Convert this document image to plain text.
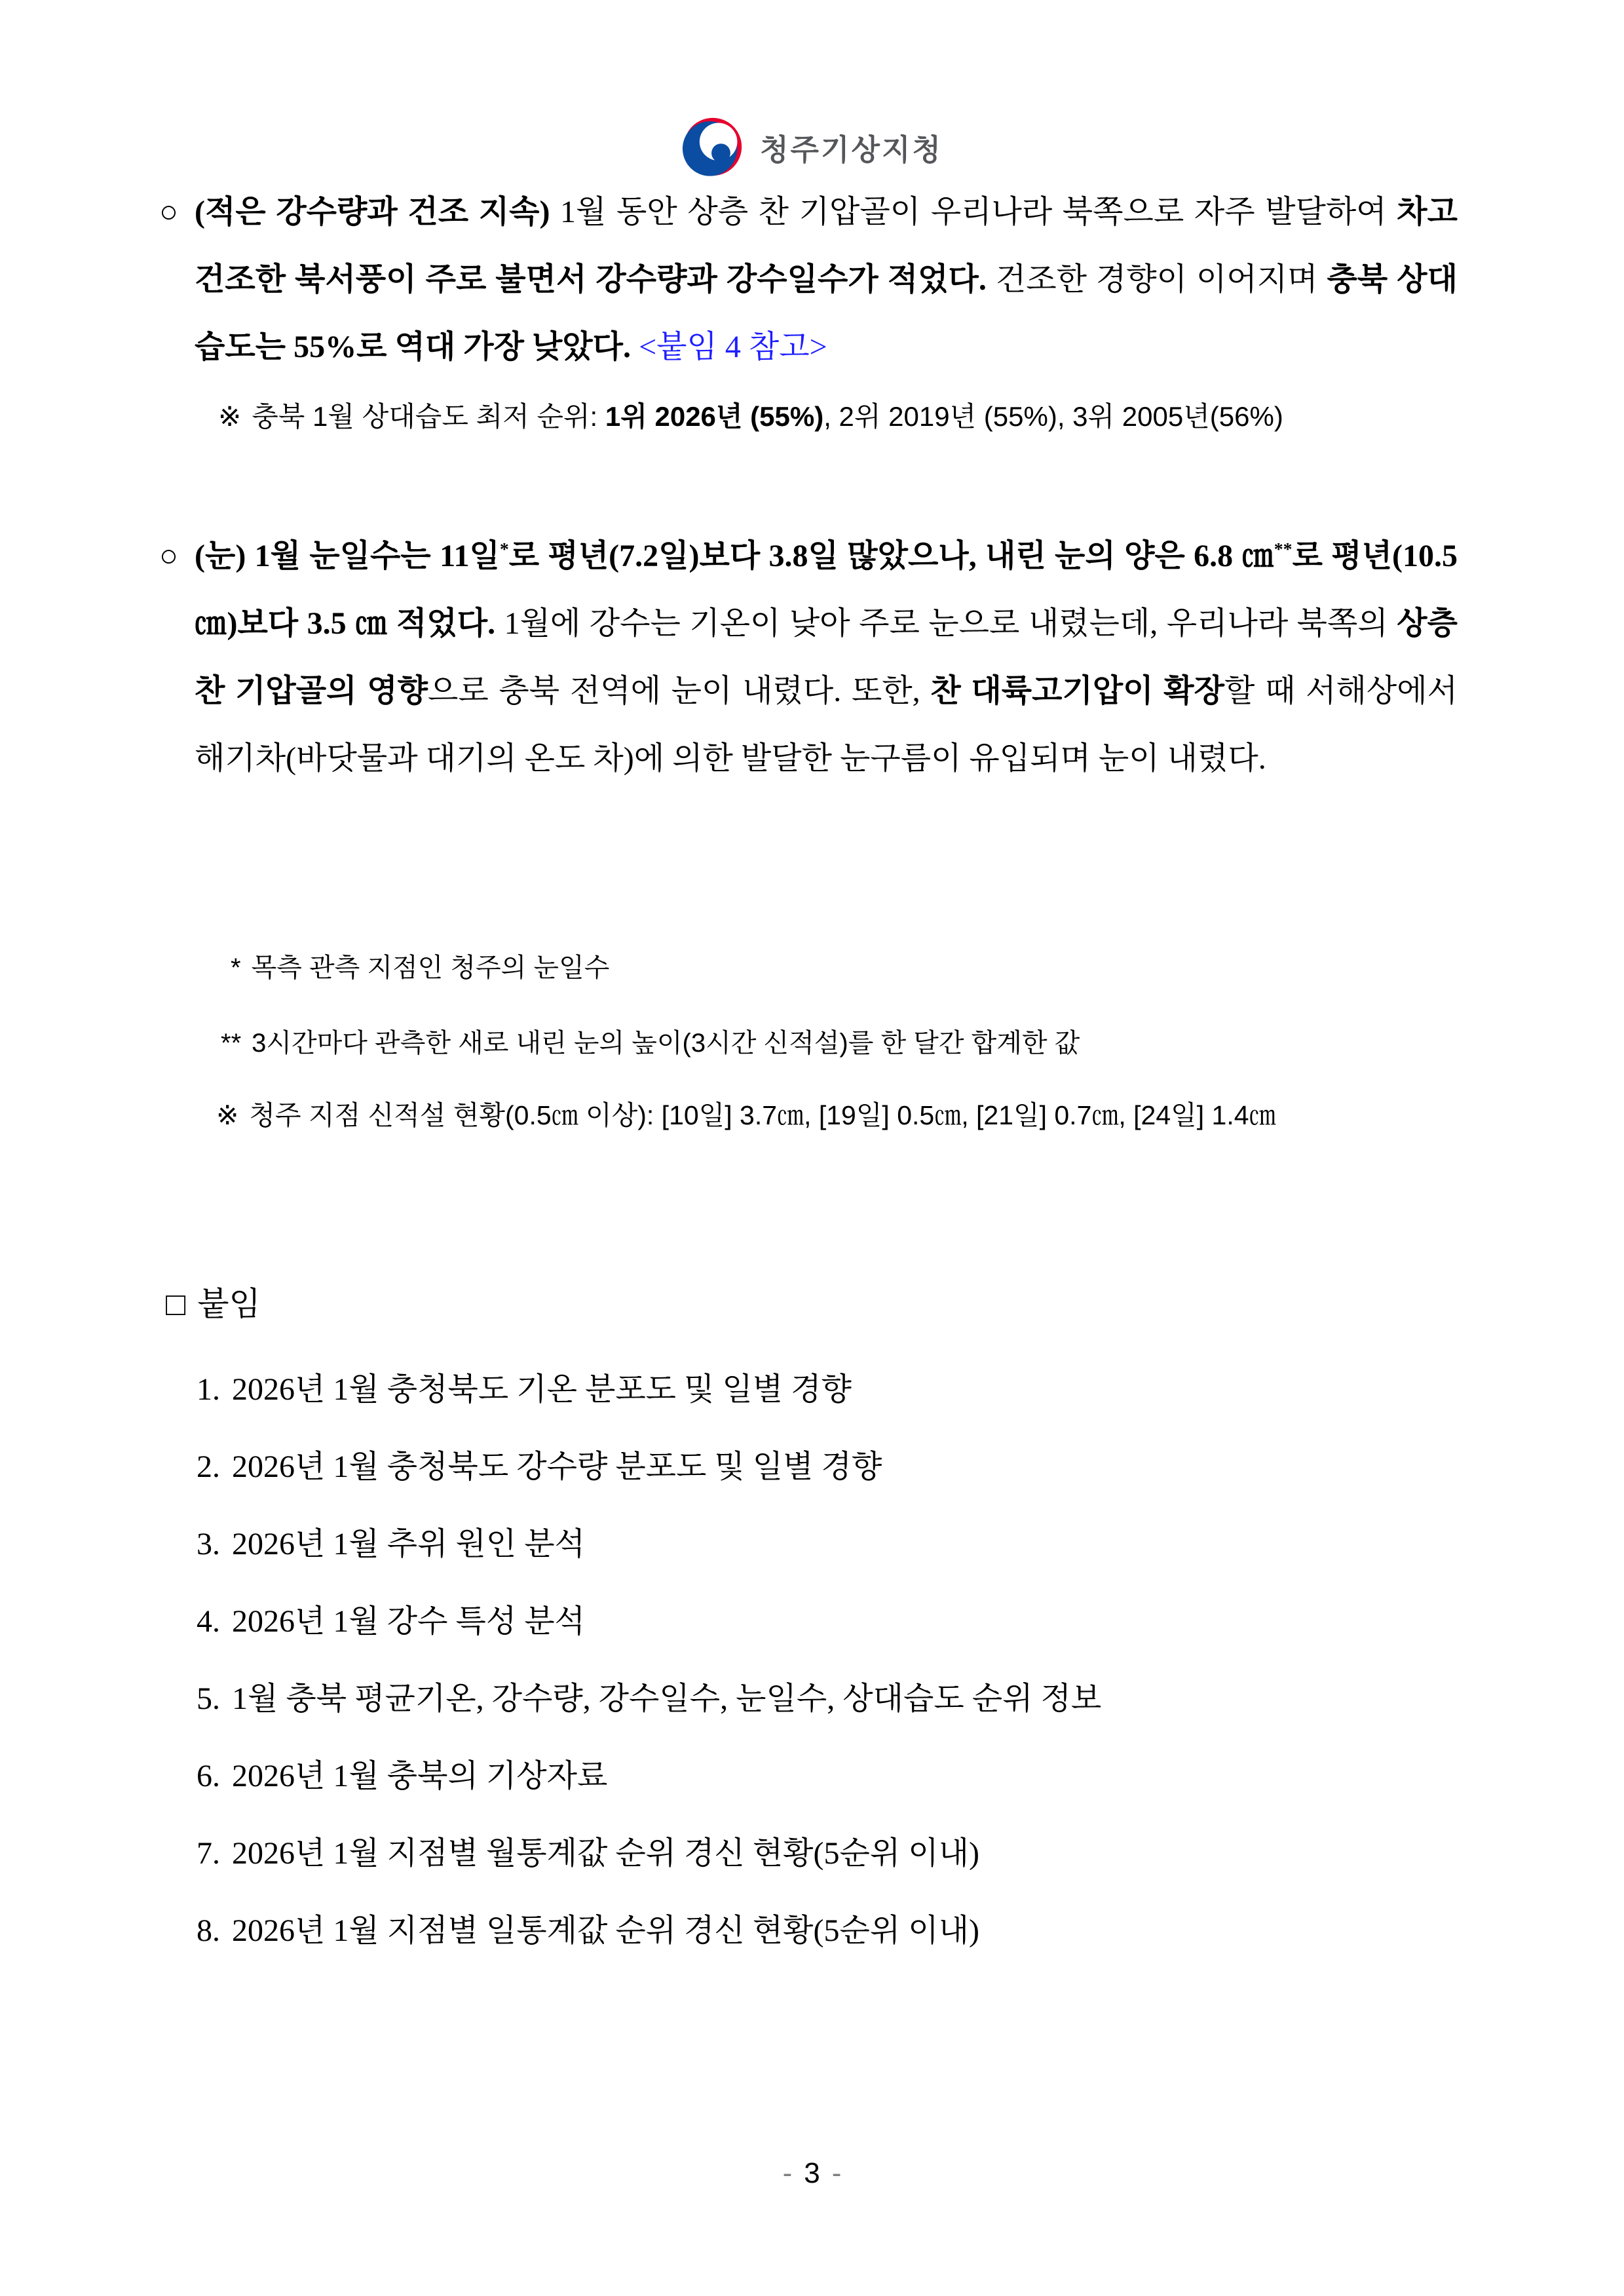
청주기상지청
○ (적은 강수량과 건조 지속) 1월 동안 상층 찬 기압골이 우리나라 북쪽으로 자주 발달하여 차고 건조한 북서풍이 주로 불면서 강수량과 강수일수가 적었다. 건조한 경향이 이어지며 충북 상대습도는 55%로 역대 가장 낮았다. <붙임 4 참고>
※ 충북 1월 상대습도 최저 순위: 1위 2026년 (55%), 2위 2019년 (55%), 3위 2005년(56%)
○ (눈) 1월 눈일수는 11일*로 평년(7.2일)보다 3.8일 많았으나, 내린 눈의 양은 6.8 ㎝**로 평년(10.5 ㎝)보다 3.5 ㎝ 적었다. 1월에 강수는 기온이 낮아 주로 눈으로 내렸는데, 우리나라 북쪽의 상층 찬 기압골의 영향으로 충북 전역에 눈이 내렸다. 또한, 찬 대륙고기압이 확장할 때 서해상에서 해기차(바닷물과 대기의 온도 차)에 의한 발달한 눈구름이 유입되며 눈이 내렸다.
* 목측 관측 지점인 청주의 눈일수
** 3시간마다 관측한 새로 내린 눈의 높이(3시간 신적설)를 한 달간 합계한 값
※ 청주 지점 신적설 현황(0.5㎝ 이상): [10일] 3.7㎝, [19일] 0.5㎝, [21일] 0.7㎝, [24일] 1.4㎝
□ 붙임
1. 2026년 1월 충청북도 기온 분포도 및 일별 경향
2. 2026년 1월 충청북도 강수량 분포도 및 일별 경향
3. 2026년 1월 추위 원인 분석
4. 2026년 1월 강수 특성 분석
5. 1월 충북 평균기온, 강수량, 강수일수, 눈일수, 상대습도 순위 정보
6. 2026년 1월 충북의 기상자료
7. 2026년 1월 지점별 월통계값 순위 경신 현황(5순위 이내)
8. 2026년 1월 지점별 일통계값 순위 경신 현황(5순위 이내)
- 3 -
